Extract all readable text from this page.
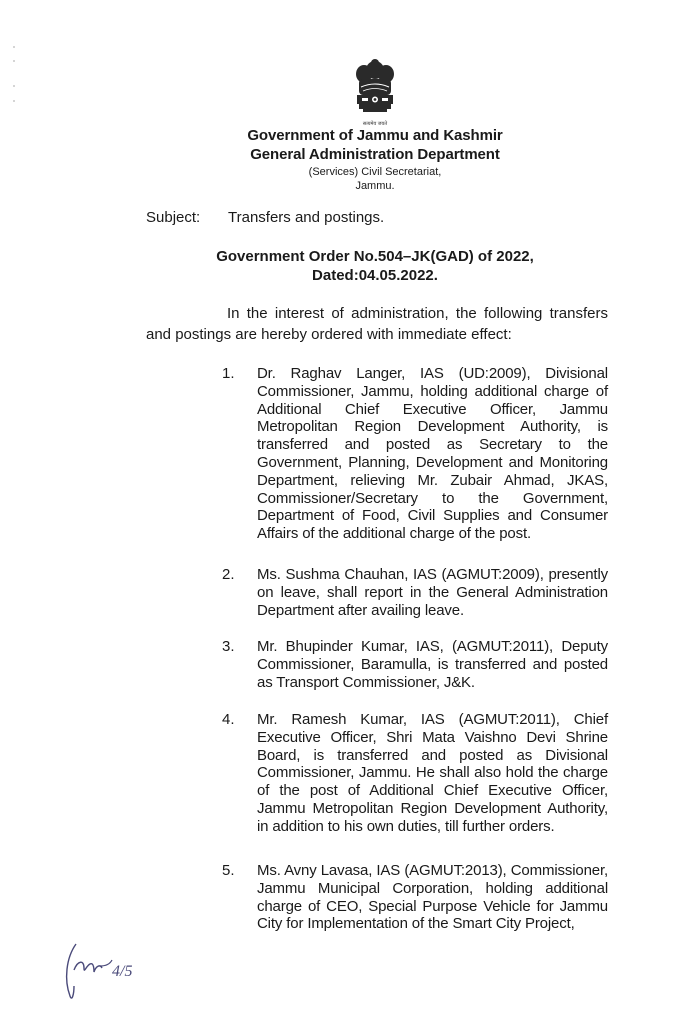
सत्यमेव जयते
Government of Jammu and Kashmir
General Administration Department
(Services) Civil Secretariat,
Jammu.
Subject: Transfers and postings.
Government Order No.504–JK(GAD) of 2022,
Dated:04.05.2022.
In the interest of administration, the following transfers and postings are hereby ordered with immediate effect:
1.	Dr. Raghav Langer, IAS (UD:2009), Divisional Commissioner, Jammu, holding additional charge of Additional Chief Executive Officer, Jammu Metropolitan Region Development Authority, is transferred and posted as Secretary to the Government, Planning, Development and Monitoring Department, relieving Mr. Zubair Ahmad, JKAS, Commissioner/Secretary to the Government, Department of Food, Civil Supplies and Consumer Affairs of the additional charge of the post.
2.	Ms. Sushma Chauhan, IAS (AGMUT:2009), presently on leave, shall report in the General Administration Department after availing leave.
3.	Mr. Bhupinder Kumar, IAS, (AGMUT:2011), Deputy Commissioner, Baramulla, is transferred and posted as Transport Commissioner, J&K.
4.	Mr. Ramesh Kumar, IAS (AGMUT:2011), Chief Executive Officer, Shri Mata Vaishno Devi Shrine Board, is transferred and posted as Divisional Commissioner, Jammu. He shall also hold the charge of the post of Additional Chief Executive Officer, Jammu Metropolitan Region Development Authority, in addition to his own duties, till further orders.
5.	Ms. Avny Lavasa, IAS (AGMUT:2013), Commissioner, Jammu Municipal Corporation, holding additional charge of CEO, Special Purpose Vehicle for Jammu City for Implementation of the Smart City Project,
4/5
